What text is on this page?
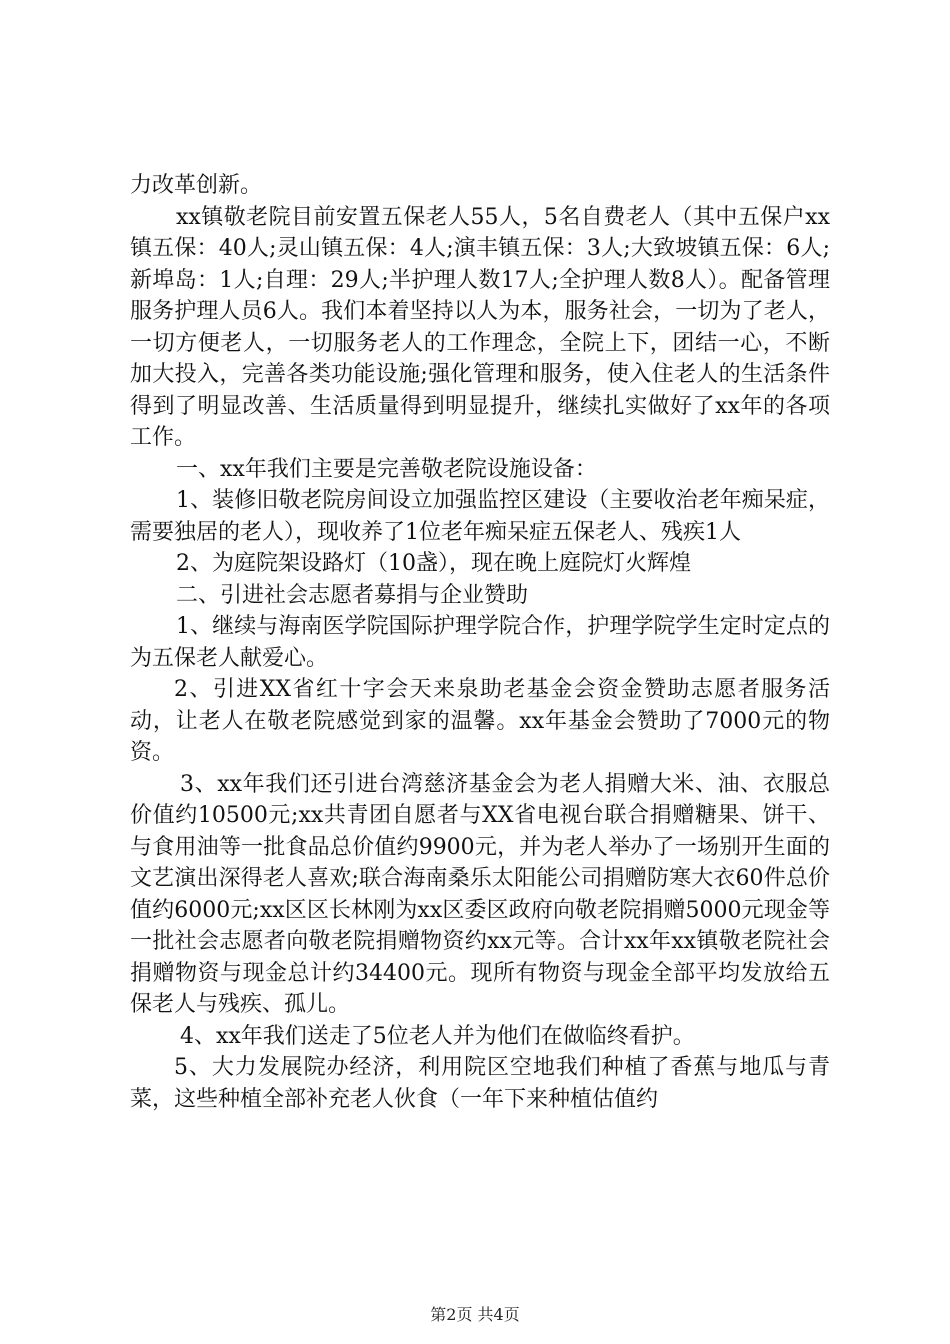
力改革创新。

xx镇敬老院目前安置五保老人55人，5名自费老人（其中五保户xx镇五保：40人;灵山镇五保：4人;演丰镇五保：3人;大致坡镇五保：6人;新埠岛：1人;自理：29人;半护理人数17人;全护理人数8人）。配备管理服务护理人员6人。我们本着坚持以人为本，服务社会，一切为了老人，一切方便老人，一切服务老人的工作理念，全院上下，团结一心，不断加大投入，完善各类功能设施;强化管理和服务，使入住老人的生活条件得到了明显改善、生活质量得到明显提升，继续扎实做好了xx年的各项工作。

一、xx年我们主要是完善敬老院设施设备：

1、装修旧敬老院房间设立加强监控区建设（主要收治老年痴呆症，需要独居的老人），现收养了1位老年痴呆症五保老人、残疾1人

2、为庭院架设路灯（10盏），现在晚上庭院灯火辉煌

二、引进社会志愿者募捐与企业赞助

1、继续与海南医学院国际护理学院合作，护理学院学生定时定点的为五保老人献爱心。

2、引进XX省红十字会天来泉助老基金会资金赞助志愿者服务活动，让老人在敬老院感觉到家的温馨。xx年基金会赞助了7000元的物资。

3、xx年我们还引进台湾慈济基金会为老人捐赠大米、油、衣服总价值约10500元;xx共青团自愿者与XX省电视台联合捐赠糖果、饼干、与食用油等一批食品总价值约9900元，并为老人举办了一场别开生面的文艺演出深得老人喜欢;联合海南桑乐太阳能公司捐赠防寒大衣60件总价值约6000元;xx区区长林刚为xx区委区政府向敬老院捐赠5000元现金等一批社会志愿者向敬老院捐赠物资约xx元等。合计xx年xx镇敬老院社会捐赠物资与现金总计约34400元。现所有物资与现金全部平均发放给五保老人与残疾、孤儿。

4、xx年我们送走了5位老人并为他们在做临终看护。

5、大力发展院办经济，利用院区空地我们种植了香蕉与地瓜与青菜，这些种植全部补充老人伙食（一年下来种植估值约

第2页 共4页
